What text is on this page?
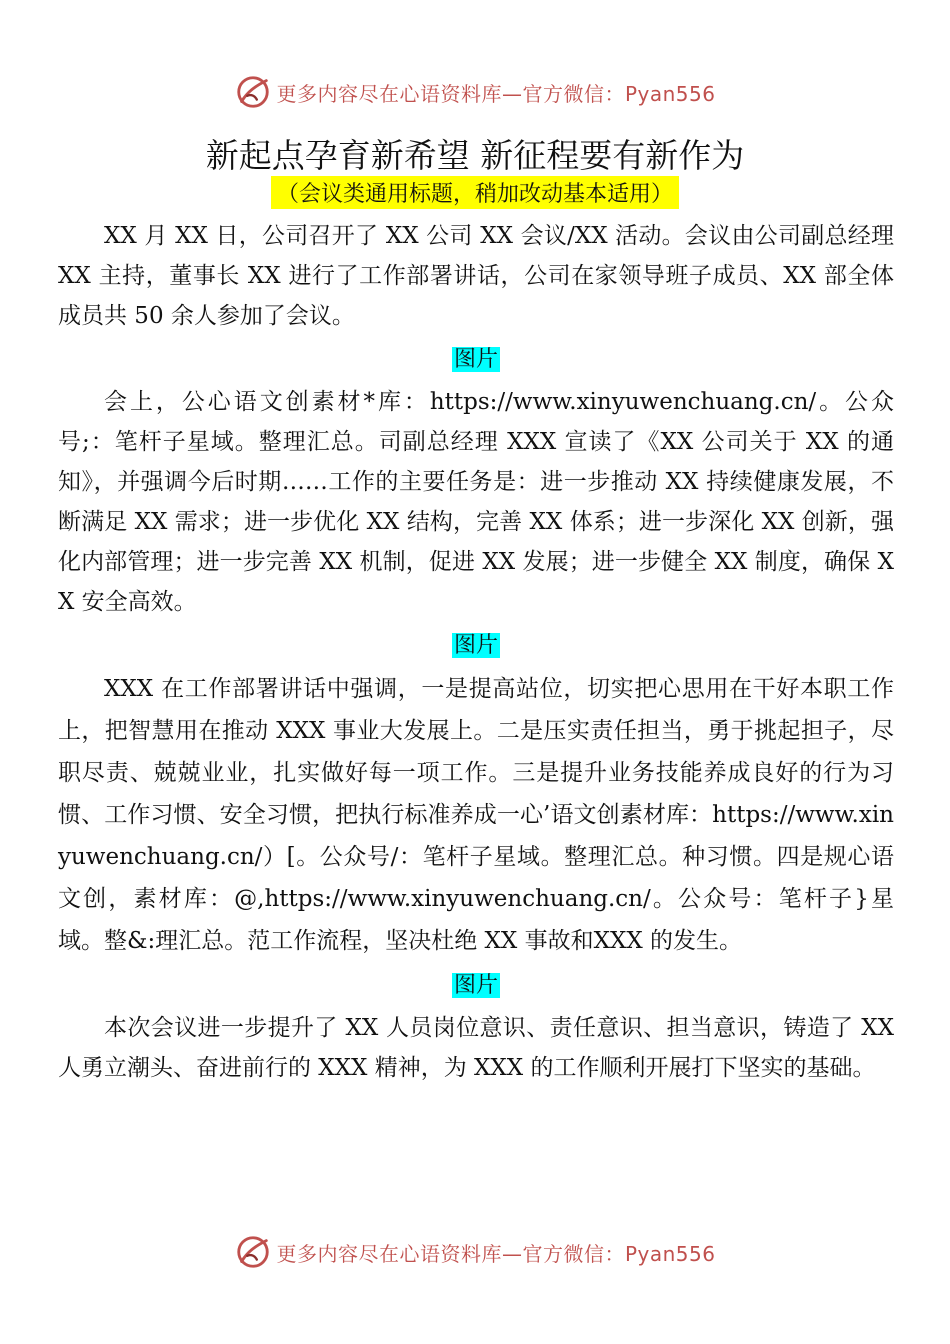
更多内容尽在心语资料库—官方微信：Pyan556
新起点孕育新希望 新征程要有新作为
（会议类通用标题，稍加改动基本适用）

XX 月 XX 日，公司召开了 XX 公司 XX 会议/XX 活动。会议由公司副总经理 XX 主持，董事长 XX 进行了工作部署讲话，公司在家领导班子成员、XX 部全体成员共 50 余人参加了会议。

图片

会上，公心语文创素材*库：https://www.xinyuwenchuang.cn/。公众号;：笔杆子星域。整理汇总。司副总经理 XXX 宣读了《XX 公司关于 XX 的通知》，并强调今后时期……工作的主要任务是：进一步推动 XX 持续健康发展，不断满足 XX 需求；进一步优化 XX 结构，完善 XX 体系；进一步深化 XX 创新，强化内部管理；进一步完善 XX 机制，促进 XX 发展；进一步健全 XX 制度，确保 XX 安全高效。

图片

XXX 在工作部署讲话中强调，一是提高站位，切实把心思用在干好本职工作上，把智慧用在推动 XXX 事业大发展上。二是压实责任担当，勇于挑起担子，尽职尽责、兢兢业业，扎实做好每一项工作。三是提升业务技能养成良好的行为习惯、工作习惯、安全习惯，把执行标准养成一心’语文创素材库：https://www.xinyuwenchuang.cn/）[。公众号/：笔杆子星域。整理汇总。种习惯。四是规心语文创，素材库：@,https://www.xinyuwenchuang.cn/。公众号：笔杆子}星域。整&:理汇总。范工作流程，坚决杜绝 XX 事故和XXX 的发生。

图片

本次会议进一步提升了 XX 人员岗位意识、责任意识、担当意识，铸造了 XX 人勇立潮头、奋进前行的 XXX 精神，为 XXX 的工作顺利开展打下坚实的基础。

更多内容尽在心语资料库—官方微信：Pyan556
